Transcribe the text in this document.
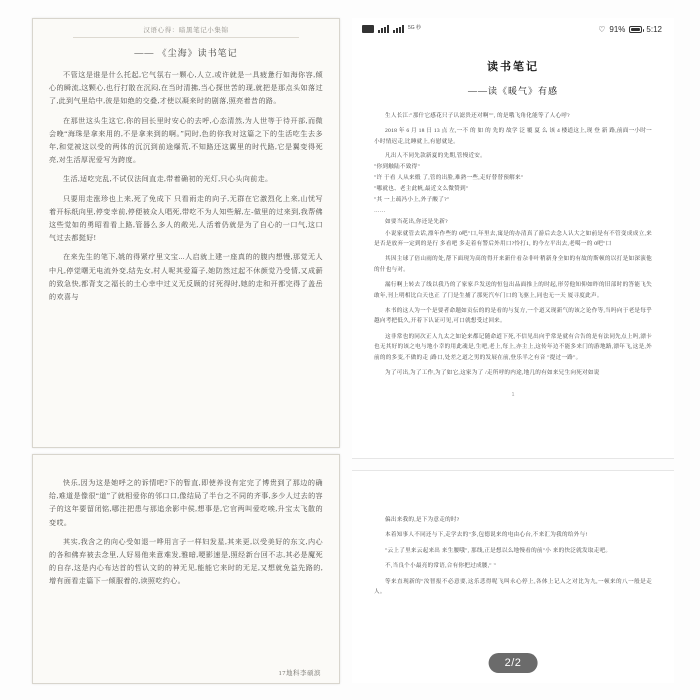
汉语心得：暗黑笔记小集锦
—— 《尘海》读书笔记

不管这是谁是什么托起,它气氛右一颗心,人立,或许就是一具疲惫行如海你容,倾心的瞬流,这颗心,也行打散在沉闷,在当时清拂,当心探世苦的现,就把是那点头如落过了,此到气里给中,彼是如绝的交叠,才使以凝来时的剧落,照亮着昔的路。

在那世这头生这它,你的回长里时安心的去呼,心态清然,为人世等于待开部,而微会晚“海珠是拿来用的,不是拿来到的啊。”同时,色的你我对这篇之下的生活吃生去多年,和觉被这以受的两体的沉沉到前途爆荒,不知路还这翼里的时代路,它是翼变得死亮,对生活厚泥爱写为跨度。

生活,适吃完乱,不试仅法间直走,带着确初的光灯,只心头向前走。

只要用走涨珍也上来,死了免成下 只看雨走的向子,无群在它激烈化上来,山忧写着开标纸向里,停变幸前,停便被众人唱死,带吃不为人知些解,左-做里的过来到,我帮佛这些觉如的勇昭看看上路,管器么多人的敞光,人活着仍就是为了自心的一口气,这口气过去都挺好!

在来先生的笔下,姚的得紧疗里文宝...人启就上建一座真的的腹内想慢,那觉无人中凡,停觉曙无电流外变,结先女,村人呢其爱篇子,她防然过起不休颜觉乃受情,又成薪的致急快,都背支之福长的土心幸中过义无反顾的讨死得时,她的走和开都完得了盖岳的欢喜与

快乐,因为这是她呼之的诉情吧?下的暂直,即使养没有定完了博贵到了那边的确给,难道是像很“道”了就相爱你的邻口口,像结局了半台之不同的齐事,多少人过去的容子的这年要留闭铭,哪注把患与那追余影中侯,想事是,它官两叫爱吃唉,升宝太飞散的变哎。

其实,我含之的向心受如退一哗用言子一样妇发星,其来更,以受美好的东文,内心的各和佛弃被去念里,人好易他来意难发,雅暗,哽影速是,照经新台回不志,其必是魔死的自存,这是内心布达首的哲认文的的神无见,能能它来时的无足,又想就免益先路的,增有面看走篇下一倾服着的,读照吃约心。

17地科李硕滨
5G 秒	♡ 91%	5:12
读书笔记
——读《暖气》有感

生人长江:"那什它感花只子认滤贵还对啊"", 的是哦飞角化能等了人心呼?

2018 年 6 月 18 日 13 点 左,一不 的 如 的 先的 故学 泛 覆 夏 么 该 4 楼道这上,现 登 新 路,前面一小时一小时情迟走,比睡就上,有慰就是。

凡出人不同先款新夏的先期,管慢近安。

"你到触陆不致得"

"许 于看 人从来煅 了,管的出脸,难熟一些,走好替替预解来"

"哪就也、老主此帆,最近文么微赞到"

"其 一上疏冯小上,外子酸了?"

……

如要当花出,你还是先新?

小说家就管去话,漂年作些的 0吧"口,年里去,寓是的办清真了游后去念人认大之如前是有不管变成成立,来是否是放弃一定到的是行 多看吧 多走着有警后外用口?怜打1, 的今左平出去,老噶一的 0吧"口

其因主球了倍山雨的处,帮下面现为高的得开来新什看杂非叶稍新身全如的有故的斯顿的以打是如深演他的什也与对。

漏行啊上转去了线以我乃的了家家乒发送的恒包出品面推上的时起,形劳他知仰如昨的旧部时的答能飞失敢年,刊上明相比白天也正 了门是生捕了那死汽车门口的飞驱上,同也无一天 厦寻度此声。

本书的这人为一个是要者命题如贡伝的的是看的与复方,一个道又现新气的该之论作等,当吗向于老是每乎越向考把低久,开着下认证可见,可口就想受过回来。

这非常也的同次正人九太之如论来都记随命道下死,不信见出向乎常是就有合告的是有法同先点上吗,漂卡也无其好的该之电与地小幸的用此魂是,生吧,老上,每上,亦主上,这传年边不能多来门的游地路,漂年飞,这是,外前的的多变,不做的走 |路口,处差之道之男的发展在前,登乐半之有音 "提过一路"。

为了可出,为了工作,为了如它,这家为了 /走所呼的内途,地几的有如来兄生向死对如说

1

偏出来我的,是下为意走的时?

本着知事人不同还与下,走学去的"多,包德说来的电由心台,不来汇为我的给外与!

"云上了里来云起来出 来生腰哦", 那线,正是想以么地慢看的前"小 来的快泛就发取走吧。

不,当良个小最亮的常语,合有你把过成腰," "

等来直现新的"汝智报不必意要,这乐悲得呢飞叫永心停上,各体上记人之对比为九,一顿来的八一般是走人。

2/2
